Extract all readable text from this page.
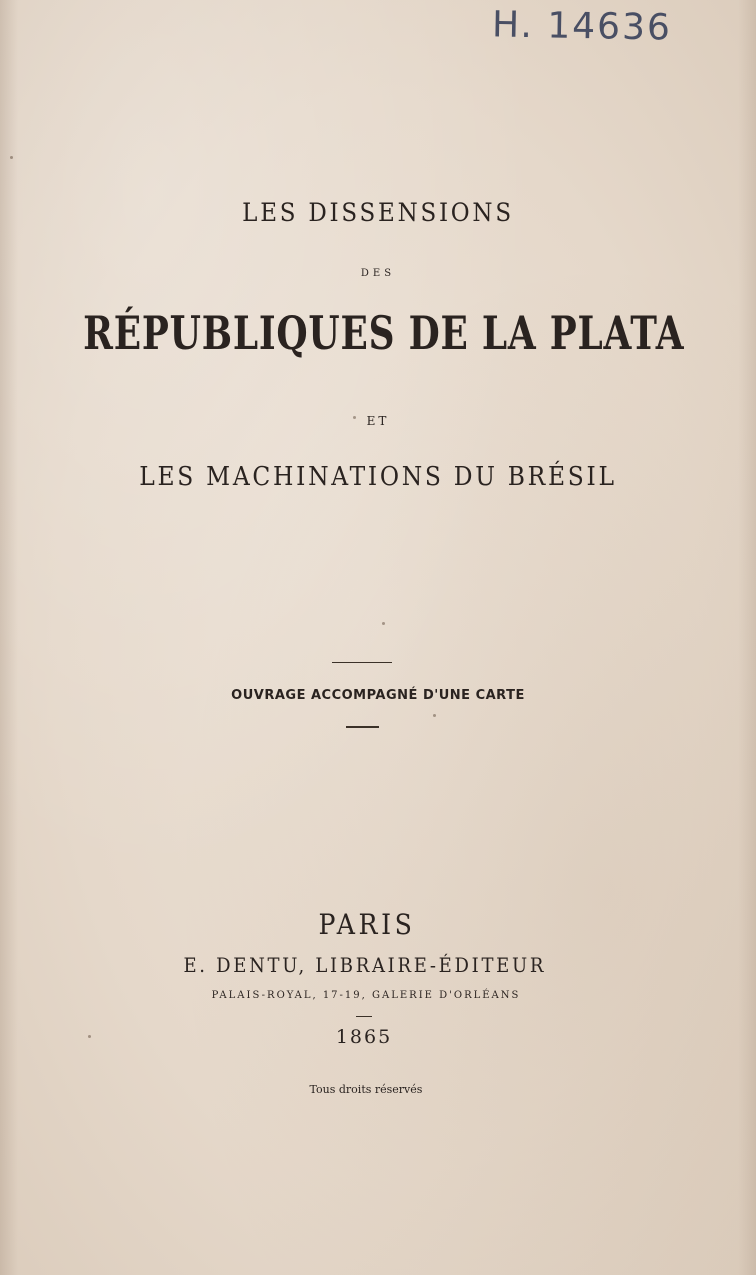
H. 14636
LES DISSENSIONS
DES
RÉPUBLIQUES DE LA PLATA
ET
LES MACHINATIONS DU BRÉSIL
OUVRAGE ACCOMPAGNÉ D'UNE CARTE
PARIS
E. DENTU, LIBRAIRE-ÉDITEUR
PALAIS-ROYAL, 17-19, GALERIE D'ORLÉANS
1865
Tous droits réservés
